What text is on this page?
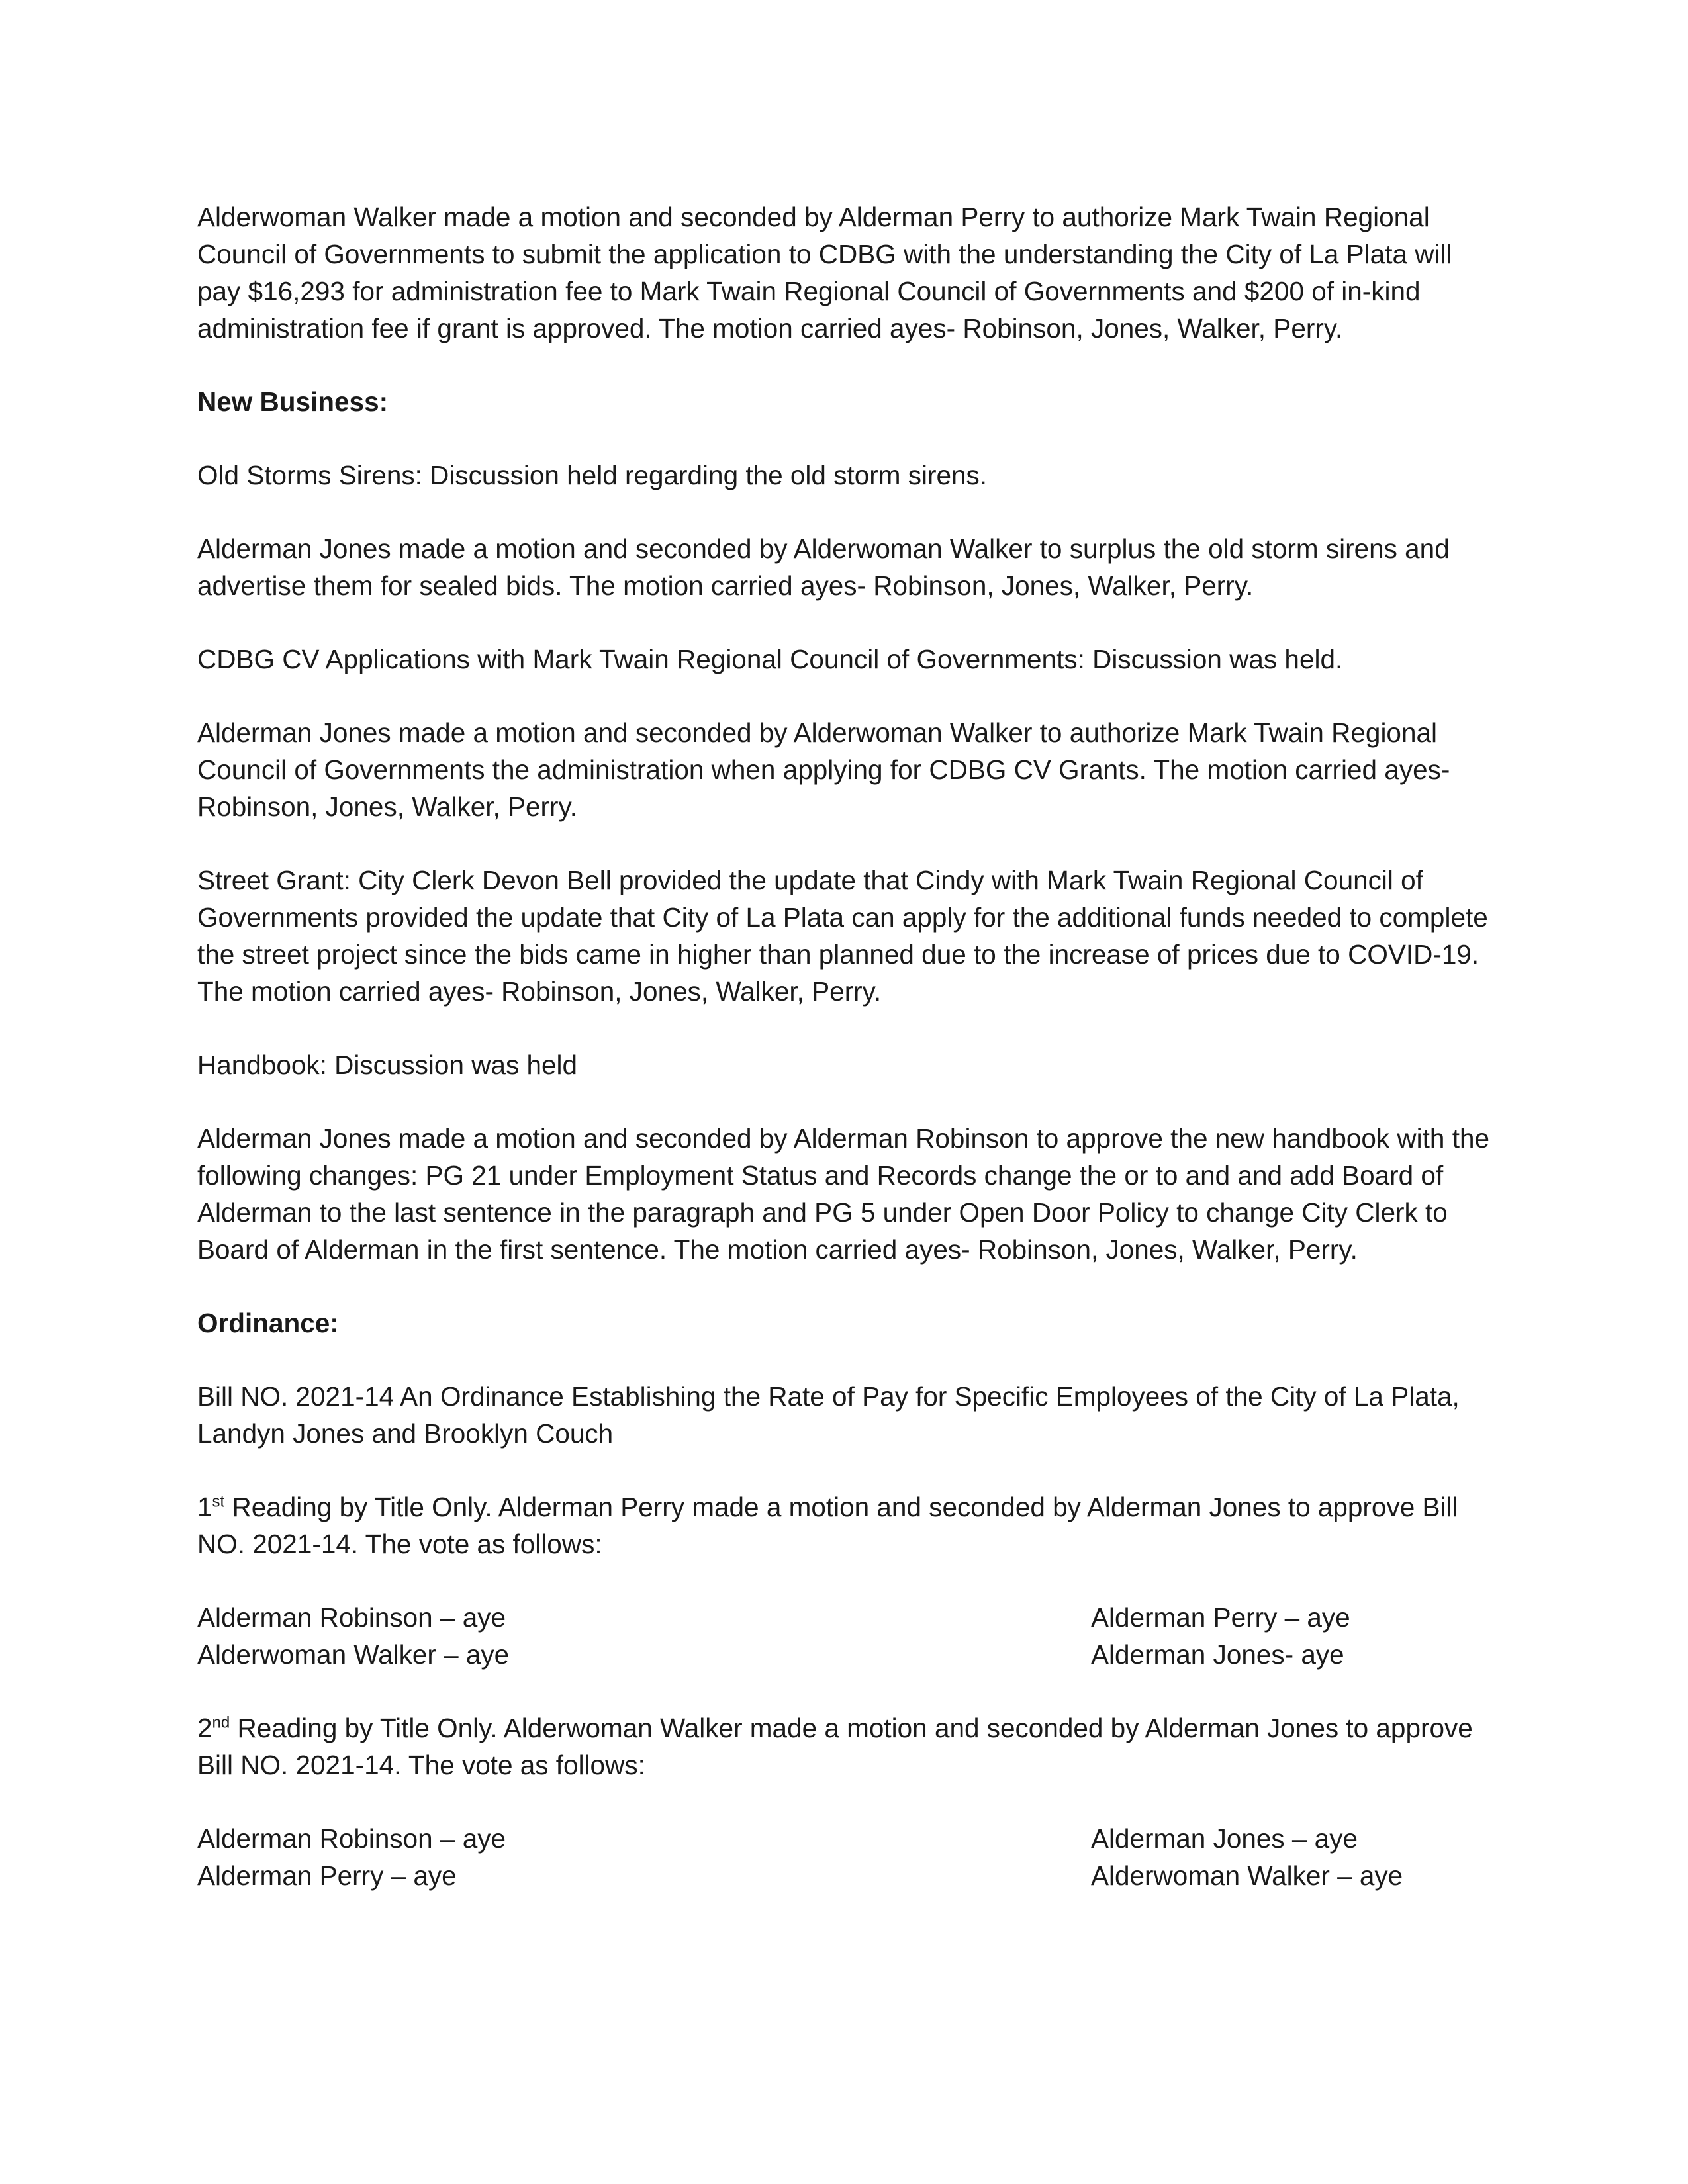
Alderwoman Walker made a motion and seconded by Alderman Perry to authorize Mark Twain Regional Council of Governments to submit the application to CDBG with the understanding the City of La Plata will pay $16,293 for administration fee to Mark Twain Regional Council of Governments and $200 of in-kind administration fee if grant is approved. The motion carried ayes- Robinson, Jones, Walker, Perry.

New Business:

Old Storms Sirens: Discussion held regarding the old storm sirens.

Alderman Jones made a motion and seconded by Alderwoman Walker to surplus the old storm sirens and advertise them for sealed bids. The motion carried ayes- Robinson, Jones, Walker, Perry.

CDBG CV Applications with Mark Twain Regional Council of Governments: Discussion was held.

Alderman Jones made a motion and seconded by Alderwoman Walker to authorize Mark Twain Regional Council of Governments the administration when applying for CDBG CV Grants. The motion carried ayes- Robinson, Jones, Walker, Perry.

Street Grant: City Clerk Devon Bell provided the update that Cindy with Mark Twain Regional Council of Governments provided the update that City of La Plata can apply for the additional funds needed to complete the street project since the bids came in higher than planned due to the increase of prices due to COVID-19. The motion carried ayes- Robinson, Jones, Walker, Perry.

Handbook: Discussion was held

Alderman Jones made a motion and seconded by Alderman Robinson to approve the new handbook with the following changes: PG 21 under Employment Status and Records change the or to and and add Board of Alderman to the last sentence in the paragraph and PG 5 under Open Door Policy to change City Clerk to Board of Alderman in the first sentence. The motion carried ayes- Robinson, Jones, Walker, Perry.

Ordinance:

Bill NO. 2021-14 An Ordinance Establishing the Rate of Pay for Specific Employees of the City of La Plata, Landyn Jones and Brooklyn Couch

1st Reading by Title Only. Alderman Perry made a motion and seconded by Alderman Jones to approve Bill NO. 2021-14. The vote as follows:

Alderman Robinson – aye	Alderman Perry – aye
Alderwoman Walker – aye	Alderman Jones- aye

2nd Reading by Title Only. Alderwoman Walker made a motion and seconded by Alderman Jones to approve Bill NO. 2021-14. The vote as follows:

Alderman Robinson – aye	Alderman Jones – aye
Alderman Perry – aye	Alderwoman Walker – aye
